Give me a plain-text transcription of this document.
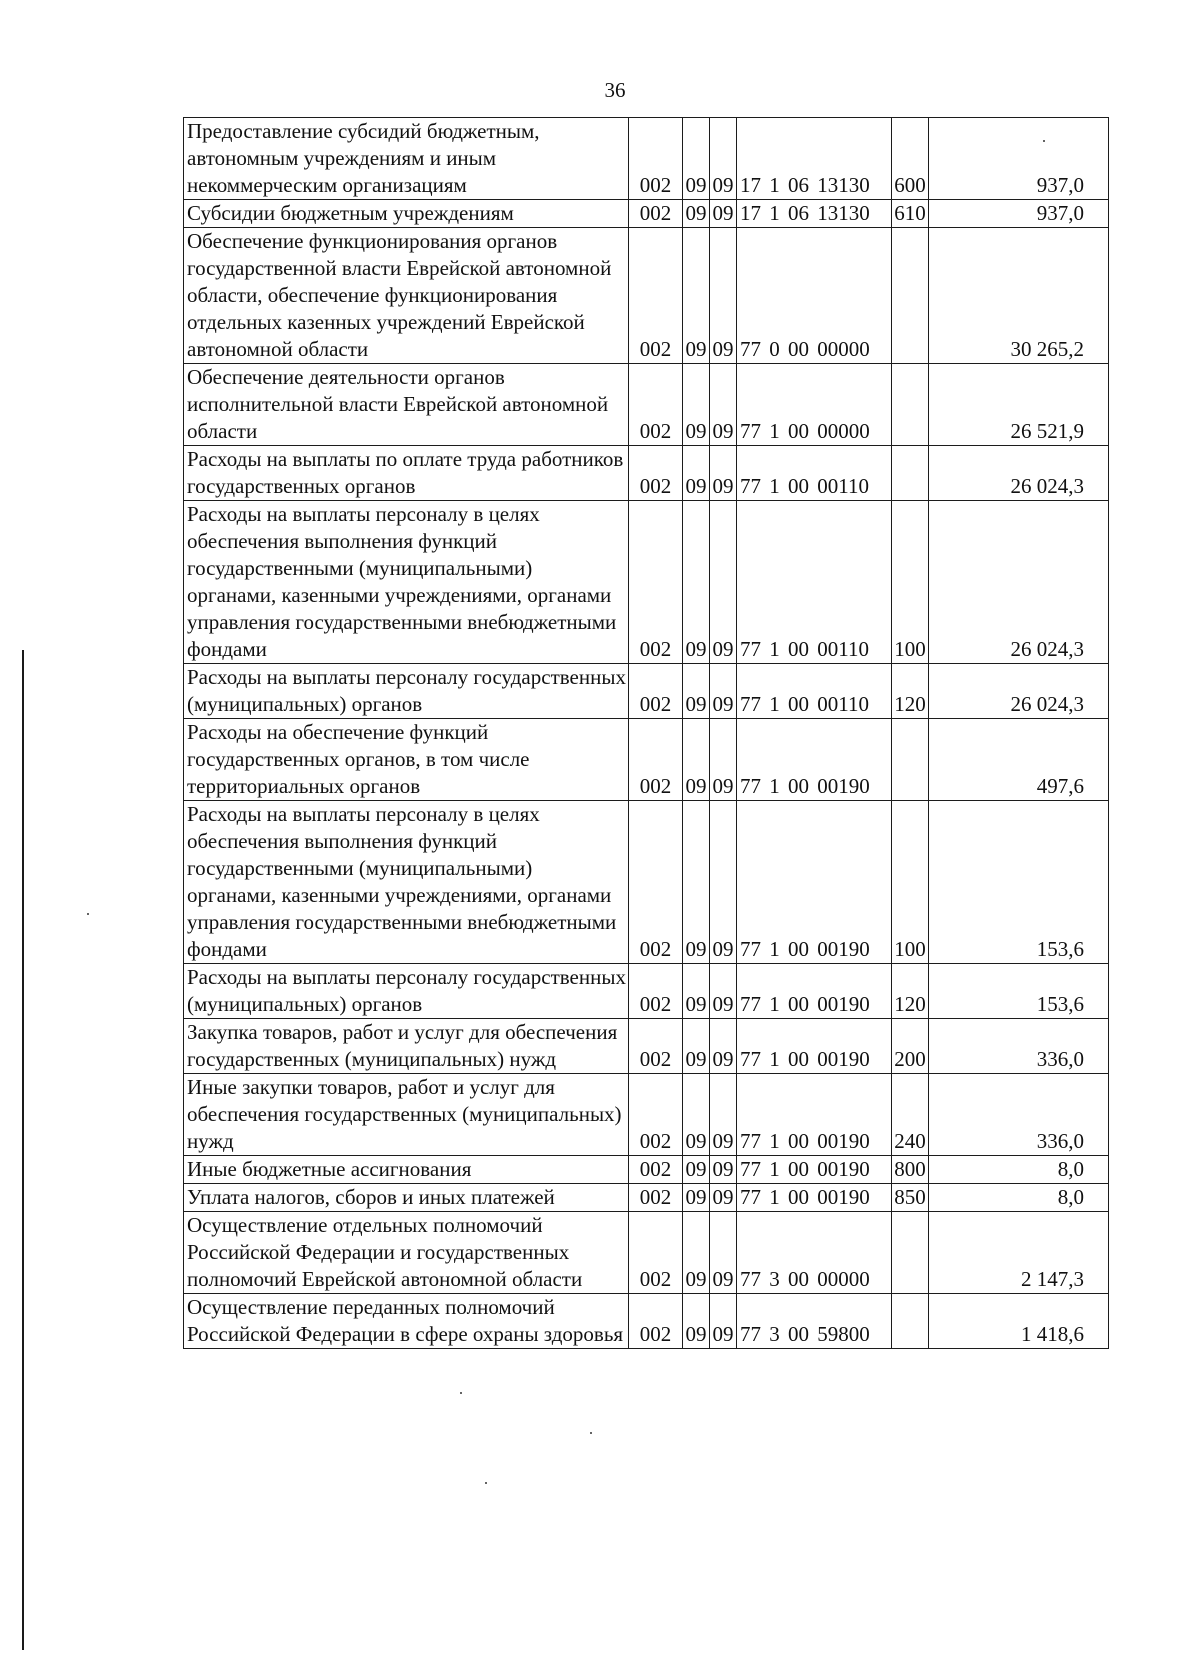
36
Предоставление субсидий бюджетным, автономным учреждениям и иным некоммерческим организациям	002	09	09	17 1 06 13130	600	937,0
Субсидии бюджетным учреждениям	002	09	09	17 1 06 13130	610	937,0
Обеспечение функционирования органов государственной власти Еврейской автономной области, обеспечение функционирования отдельных казенных учреждений Еврейской автономной области	002	09	09	77 0 00 00000		30 265,2
Обеспечение деятельности органов исполнительной власти Еврейской автономной области	002	09	09	77 1 00 00000		26 521,9
Расходы на выплаты по оплате труда работников государственных органов	002	09	09	77 1 00 00110		26 024,3
Расходы на выплаты персоналу в целях обеспечения выполнения функций государственными (муниципальными) органами, казенными учреждениями, органами управления государственными внебюджетными фондами	002	09	09	77 1 00 00110	100	26 024,3
Расходы на выплаты персоналу государственных (муниципальных) органов	002	09	09	77 1 00 00110	120	26 024,3
Расходы на обеспечение функций государственных органов, в том числе территориальных органов	002	09	09	77 1 00 00190		497,6
Расходы на выплаты персоналу в целях обеспечения выполнения функций государственными (муниципальными) органами, казенными учреждениями, органами управления государственными внебюджетными фондами	002	09	09	77 1 00 00190	100	153,6
Расходы на выплаты персоналу государственных (муниципальных) органов	002	09	09	77 1 00 00190	120	153,6
Закупка товаров, работ и услуг для обеспечения государственных (муниципальных) нужд	002	09	09	77 1 00 00190	200	336,0
Иные закупки товаров, работ и услуг для обеспечения государственных (муниципальных) нужд	002	09	09	77 1 00 00190	240	336,0
Иные бюджетные ассигнования	002	09	09	77 1 00 00190	800	8,0
Уплата налогов, сборов и иных платежей	002	09	09	77 1 00 00190	850	8,0
Осуществление отдельных полномочий Российской Федерации и государственных полномочий Еврейской автономной области	002	09	09	77 3 00 00000		2 147,3
Осуществление переданных полномочий Российской Федерации в сфере охраны здоровья	002	09	09	77 3 00 59800		1 418,6
